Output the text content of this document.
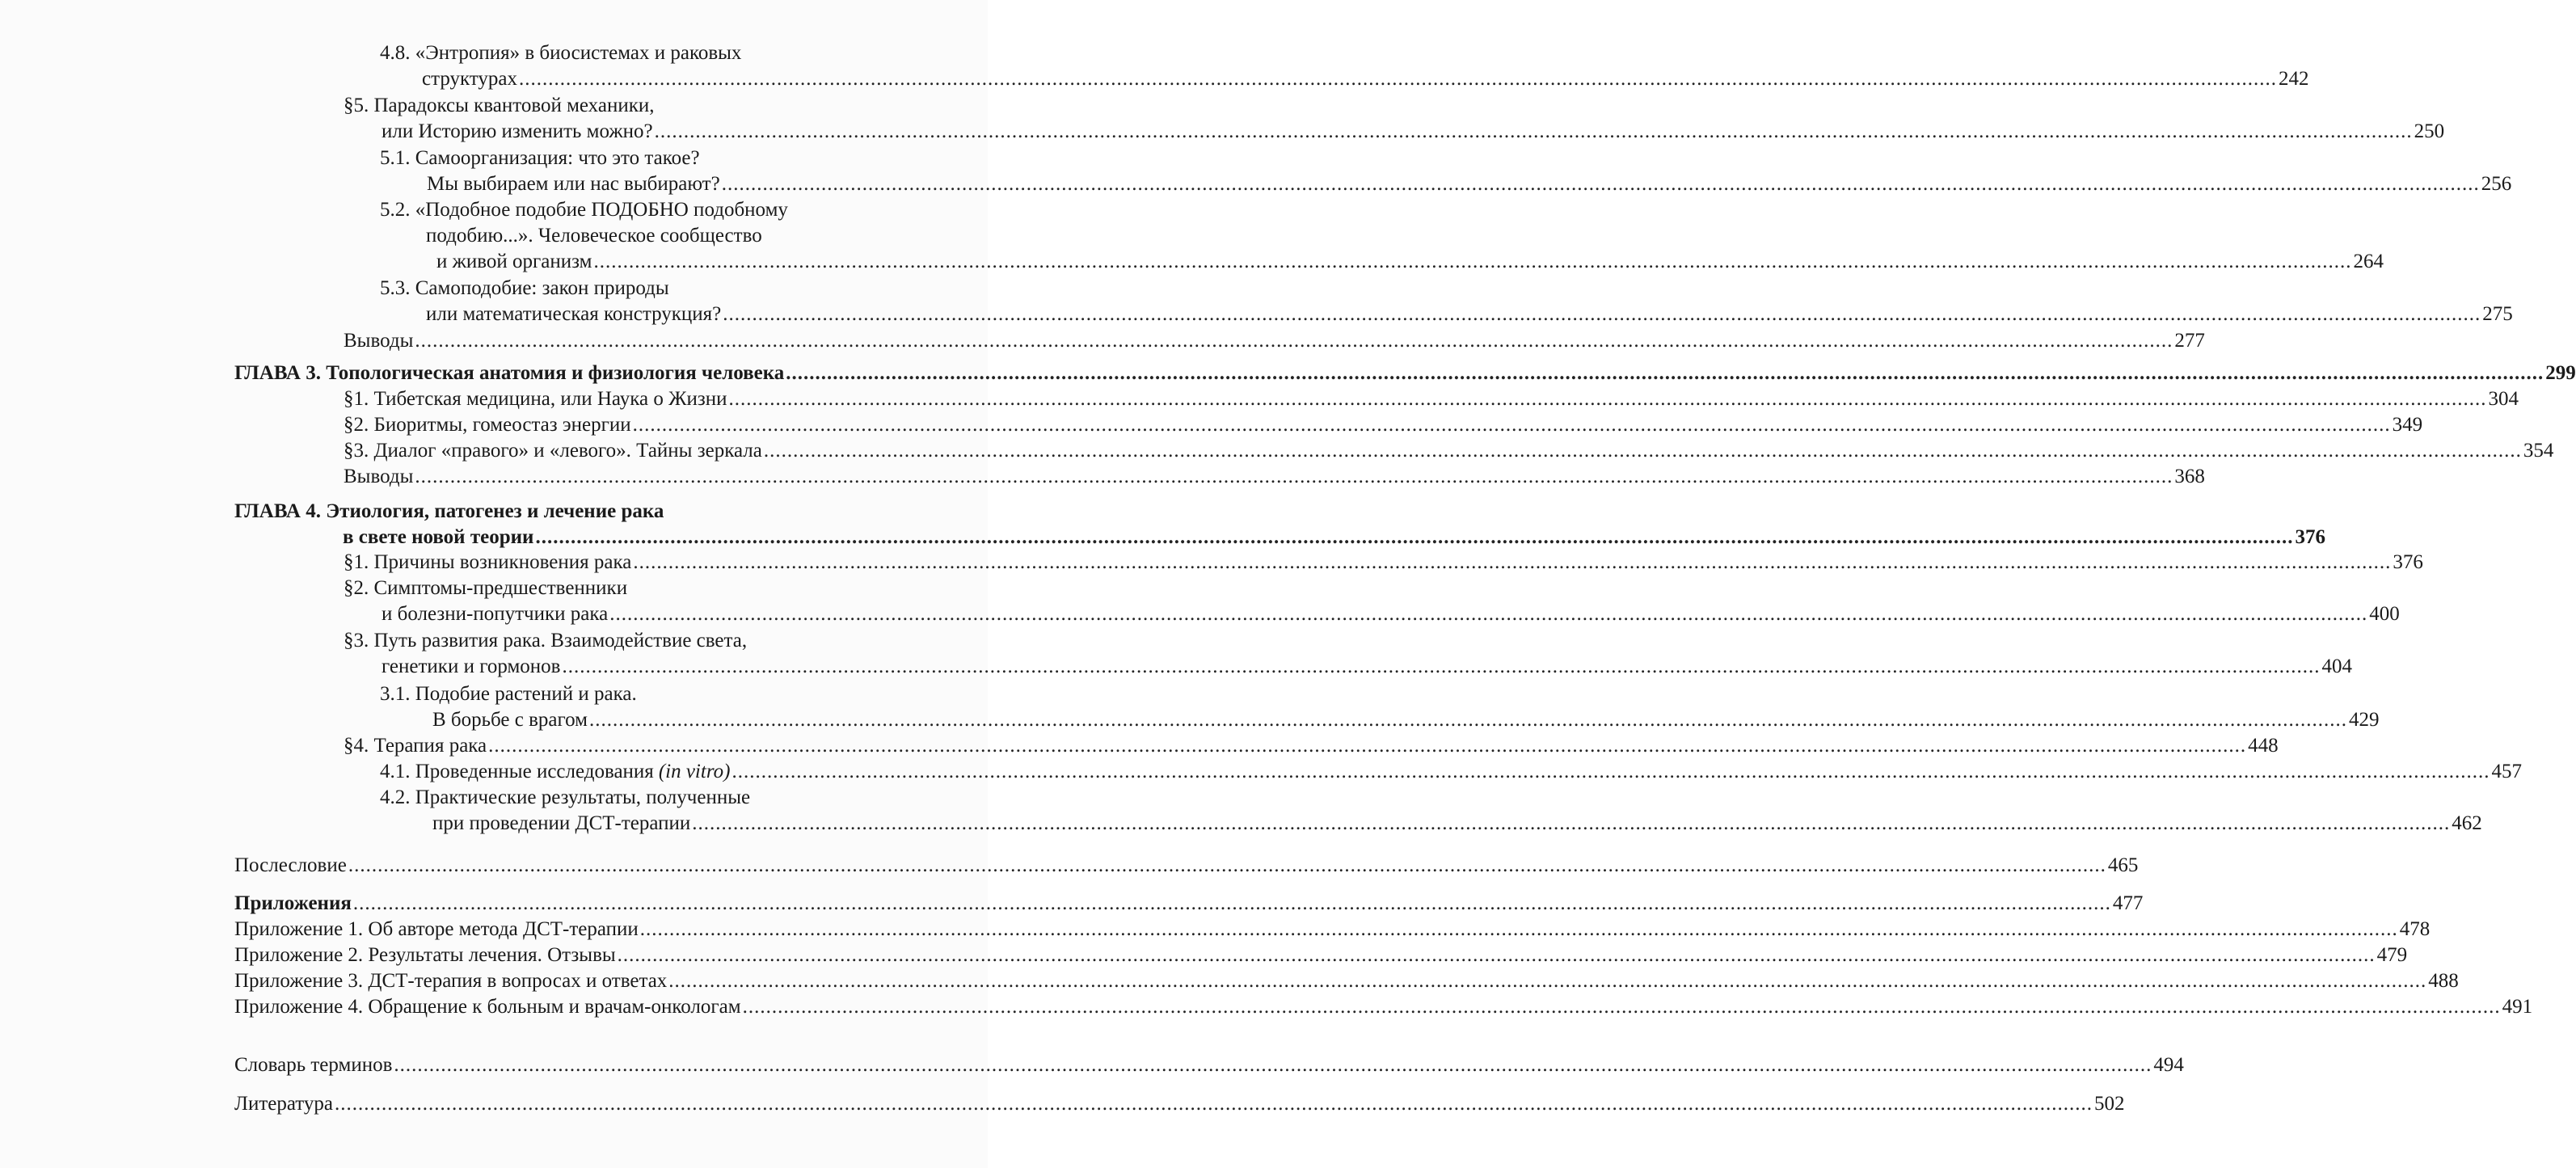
4.8. «Энтропия» в биосистемах и раковых
структурах ............................................................................................................................................................................................................................................................................................................ 242
§5. Парадоксы квантовой механики,
или Историю изменить можно? ............................................................................................................................................................................................................................................................................................................ 250
5.1. Самоорганизация: что это такое?
Мы выбираем или нас выбирают? ............................................................................................................................................................................................................................................................................................................ 256
5.2. «Подобное подобие ПОДОБНО подобному
подобию...». Человеческое сообщество
и живой организм ............................................................................................................................................................................................................................................................................................................ 264
5.3. Самоподобие: закон природы
или математическая конструкция? ............................................................................................................................................................................................................................................................................................................ 275
Выводы ............................................................................................................................................................................................................................................................................................................ 277
ГЛАВА 3. Топологическая анатомия и физиология человека ............................................................................................................................................................................................................................................................................................................ 299
§1. Тибетская медицина, или Наука о Жизни ............................................................................................................................................................................................................................................................................................................ 304
§2. Биоритмы, гомеостаз энергии ............................................................................................................................................................................................................................................................................................................ 349
§3. Диалог «правого» и «левого». Тайны зеркала ............................................................................................................................................................................................................................................................................................................ 354
Выводы ............................................................................................................................................................................................................................................................................................................ 368
ГЛАВА 4. Этиология, патогенез и лечение рака
в свете новой теории ............................................................................................................................................................................................................................................................................................................ 376
§1. Причины возникновения рака ............................................................................................................................................................................................................................................................................................................ 376
§2. Симптомы-предшественники
и болезни-попутчики рака ............................................................................................................................................................................................................................................................................................................ 400
§3. Путь развития рака. Взаимодействие света,
генетики и гормонов ............................................................................................................................................................................................................................................................................................................ 404
3.1. Подобие растений и рака.
В борьбе с врагом ............................................................................................................................................................................................................................................................................................................ 429
§4. Терапия рака ............................................................................................................................................................................................................................................................................................................ 448
4.1. Проведенные исследования (in vitro) ............................................................................................................................................................................................................................................................................................................ 457
4.2. Практические результаты, полученные
при проведении ДСТ-терапии ............................................................................................................................................................................................................................................................................................................ 462
Послесловие ............................................................................................................................................................................................................................................................................................................ 465
Приложения ............................................................................................................................................................................................................................................................................................................ 477
Приложение 1. Об авторе метода ДСТ-терапии ............................................................................................................................................................................................................................................................................................................ 478
Приложение 2. Результаты лечения. Отзывы ............................................................................................................................................................................................................................................................................................................ 479
Приложение 3. ДСТ-терапия в вопросах и ответах ............................................................................................................................................................................................................................................................................................................ 488
Приложение 4. Обращение к больным и врачам-онкологам ............................................................................................................................................................................................................................................................................................................ 491
Словарь терминов ............................................................................................................................................................................................................................................................................................................ 494
Литература ............................................................................................................................................................................................................................................................................................................ 502
